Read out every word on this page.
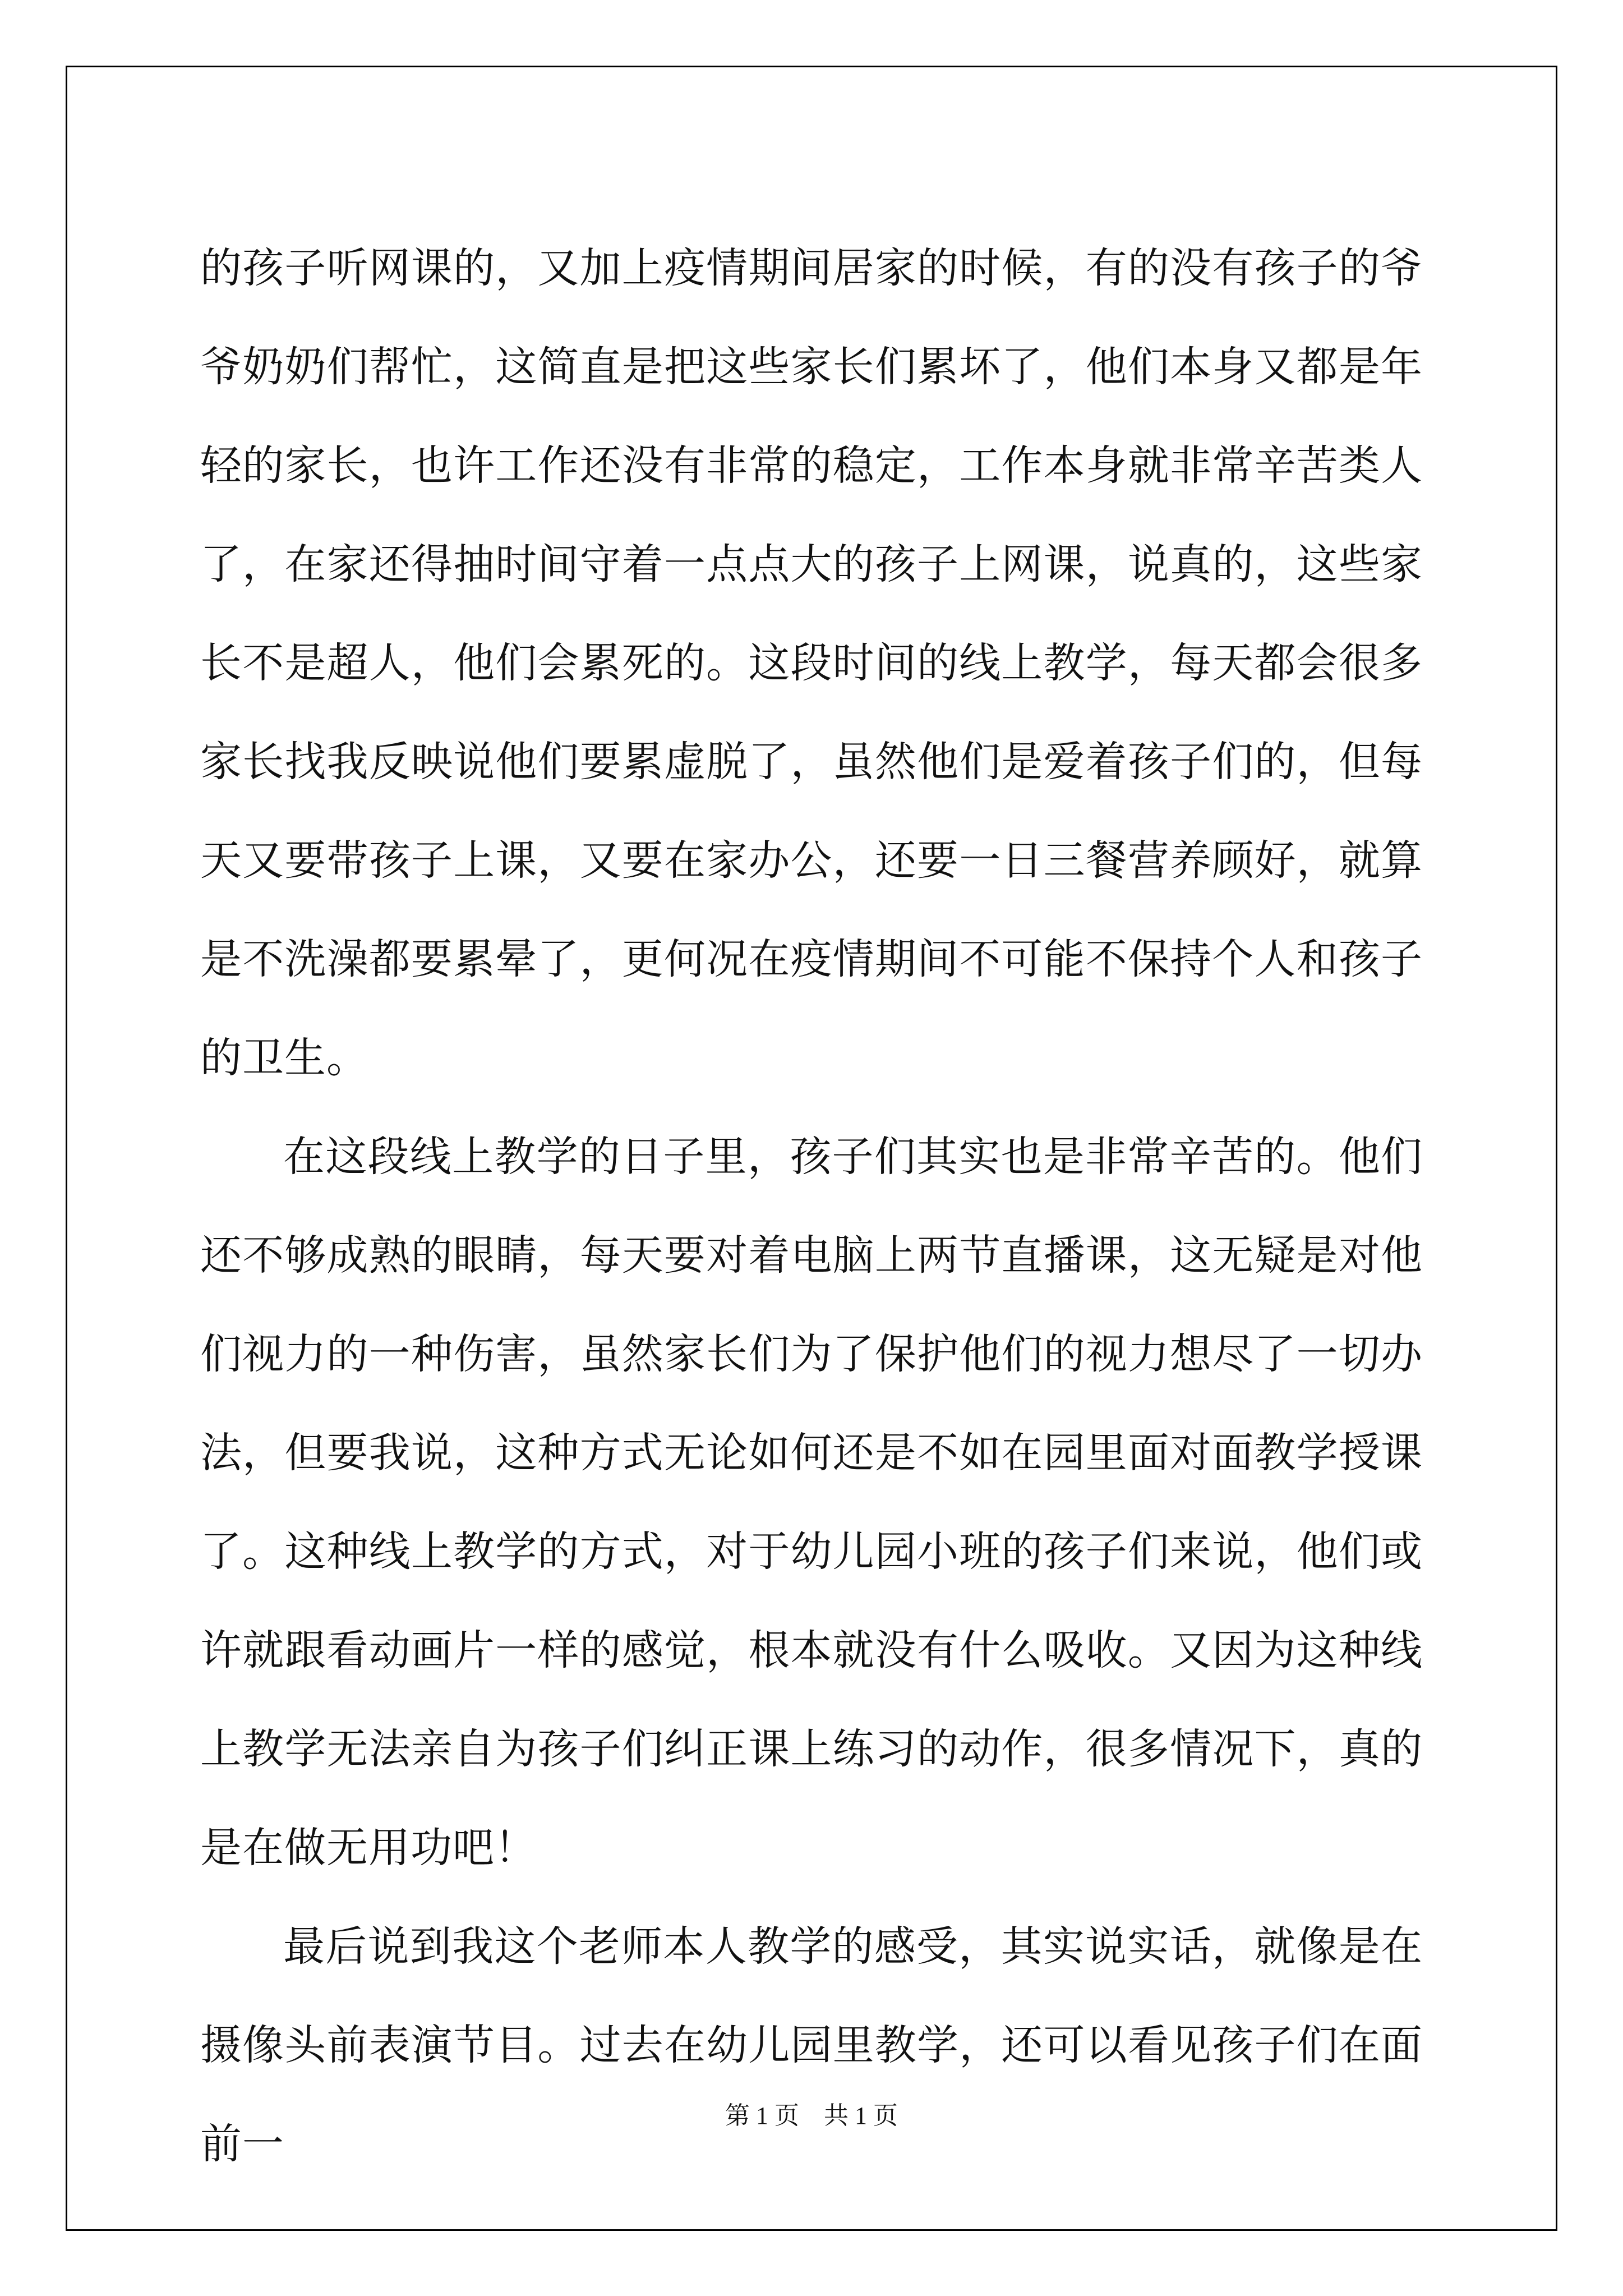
的孩子听网课的，又加上疫情期间居家的时候，有的没有孩子的爷爷奶奶们帮忙，这简直是把这些家长们累坏了，他们本身又都是年轻的家长，也许工作还没有非常的稳定，工作本身就非常辛苦类人了，在家还得抽时间守着一点点大的孩子上网课，说真的，这些家长不是超人，他们会累死的。这段时间的线上教学，每天都会很多家长找我反映说他们要累虚脱了，虽然他们是爱着孩子们的，但每天又要带孩子上课，又要在家办公，还要一日三餐营养顾好，就算是不洗澡都要累晕了，更何况在疫情期间不可能不保持个人和孩子的卫生。

在这段线上教学的日子里，孩子们其实也是非常辛苦的。他们还不够成熟的眼睛，每天要对着电脑上两节直播课，这无疑是对他们视力的一种伤害，虽然家长们为了保护他们的视力想尽了一切办法，但要我说，这种方式无论如何还是不如在园里面对面教学授课了。这种线上教学的方式，对于幼儿园小班的孩子们来说，他们或许就跟看动画片一样的感觉，根本就没有什么吸收。又因为这种线上教学无法亲自为孩子们纠正课上练习的动作，很多情况下，真的是在做无用功吧！

最后说到我这个老师本人教学的感受，其实说实话，就像是在摄像头前表演节目。过去在幼儿园里教学，还可以看见孩子们在面前一

第 1 页　共 1 页
